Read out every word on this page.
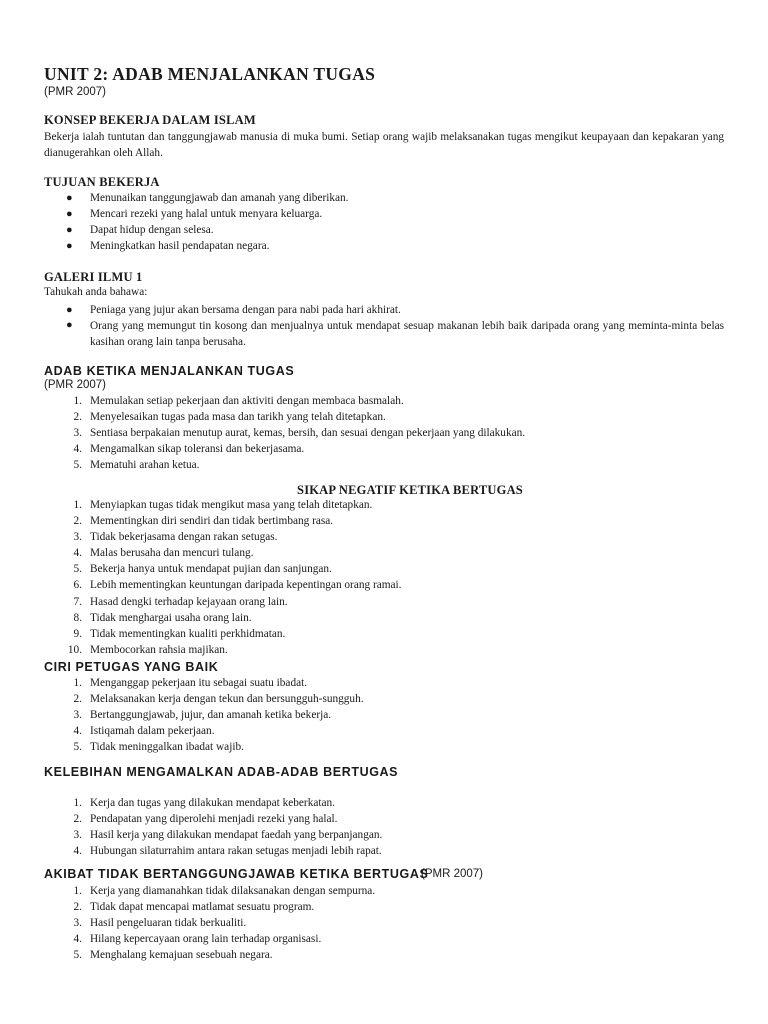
UNIT 2: ADAB MENJALANKAN TUGAS
(PMR 2007)
KONSEP BEKERJA DALAM ISLAM
Bekerja ialah tuntutan dan tanggungjawab manusia di muka bumi. Setiap orang wajib melaksanakan tugas mengikut keupayaan dan kepakaran yang dianugerahkan oleh Allah.
TUJUAN BEKERJA
● Menunaikan tanggungjawab dan amanah yang diberikan.
● Mencari rezeki yang halal untuk menyara keluarga.
● Dapat hidup dengan selesa.
● Meningkatkan hasil pendapatan negara.
GALERI ILMU 1
Tahukah anda bahawa:
● Peniaga yang jujur akan bersama dengan para nabi pada hari akhirat.
● Orang yang memungut tin kosong dan menjualnya untuk mendapat sesuap makanan lebih baik daripada orang yang meminta-minta belas kasihan orang lain tanpa berusaha.
ADAB KETIKA MENJALANKAN TUGAS
(PMR 2007)
1. Memulakan setiap pekerjaan dan aktiviti dengan membaca basmalah.
2. Menyelesaikan tugas pada masa dan tarikh yang telah ditetapkan.
3. Sentiasa berpakaian menutup aurat, kemas, bersih, dan sesuai dengan pekerjaan yang dilakukan.
4. Mengamalkan sikap toleransi dan bekerjasama.
5. Mematuhi arahan ketua.
SIKAP NEGATIF KETIKA BERTUGAS
1. Menyiapkan tugas tidak mengikut masa yang telah ditetapkan.
2. Mementingkan diri sendiri dan tidak bertimbang rasa.
3. Tidak bekerjasama dengan rakan setugas.
4. Malas berusaha dan mencuri tulang.
5. Bekerja hanya untuk mendapat pujian dan sanjungan.
6. Lebih mementingkan keuntungan daripada kepentingan orang ramai.
7. Hasad dengki terhadap kejayaan orang lain.
8. Tidak menghargai usaha orang lain.
9. Tidak mementingkan kualiti perkhidmatan.
10. Membocorkan rahsia majikan.
CIRI PETUGAS YANG BAIK
1. Menganggap pekerjaan itu sebagai suatu ibadat.
2. Melaksanakan kerja dengan tekun dan bersungguh-sungguh.
3. Bertanggungjawab, jujur, dan amanah ketika bekerja.
4. Istiqamah dalam pekerjaan.
5. Tidak meninggalkan ibadat wajib.
KELEBIHAN MENGAMALKAN ADAB-ADAB BERTUGAS
1. Kerja dan tugas yang dilakukan mendapat keberkatan.
2. Pendapatan yang diperolehi menjadi rezeki yang halal.
3. Hasil kerja yang dilakukan mendapat faedah yang berpanjangan.
4. Hubungan silaturrahim antara rakan setugas menjadi lebih rapat.
AKIBAT TIDAK BERTANGGUNGJAWAB KETIKA BERTUGAS
(PMR 2007)
1. Kerja yang diamanahkan tidak dilaksanakan dengan sempurna.
2. Tidak dapat mencapai matlamat sesuatu program.
3. Hasil pengeluaran tidak berkualiti.
4. Hilang kepercayaan orang lain terhadap organisasi.
5. Menghalang kemajuan sesebuah negara.
